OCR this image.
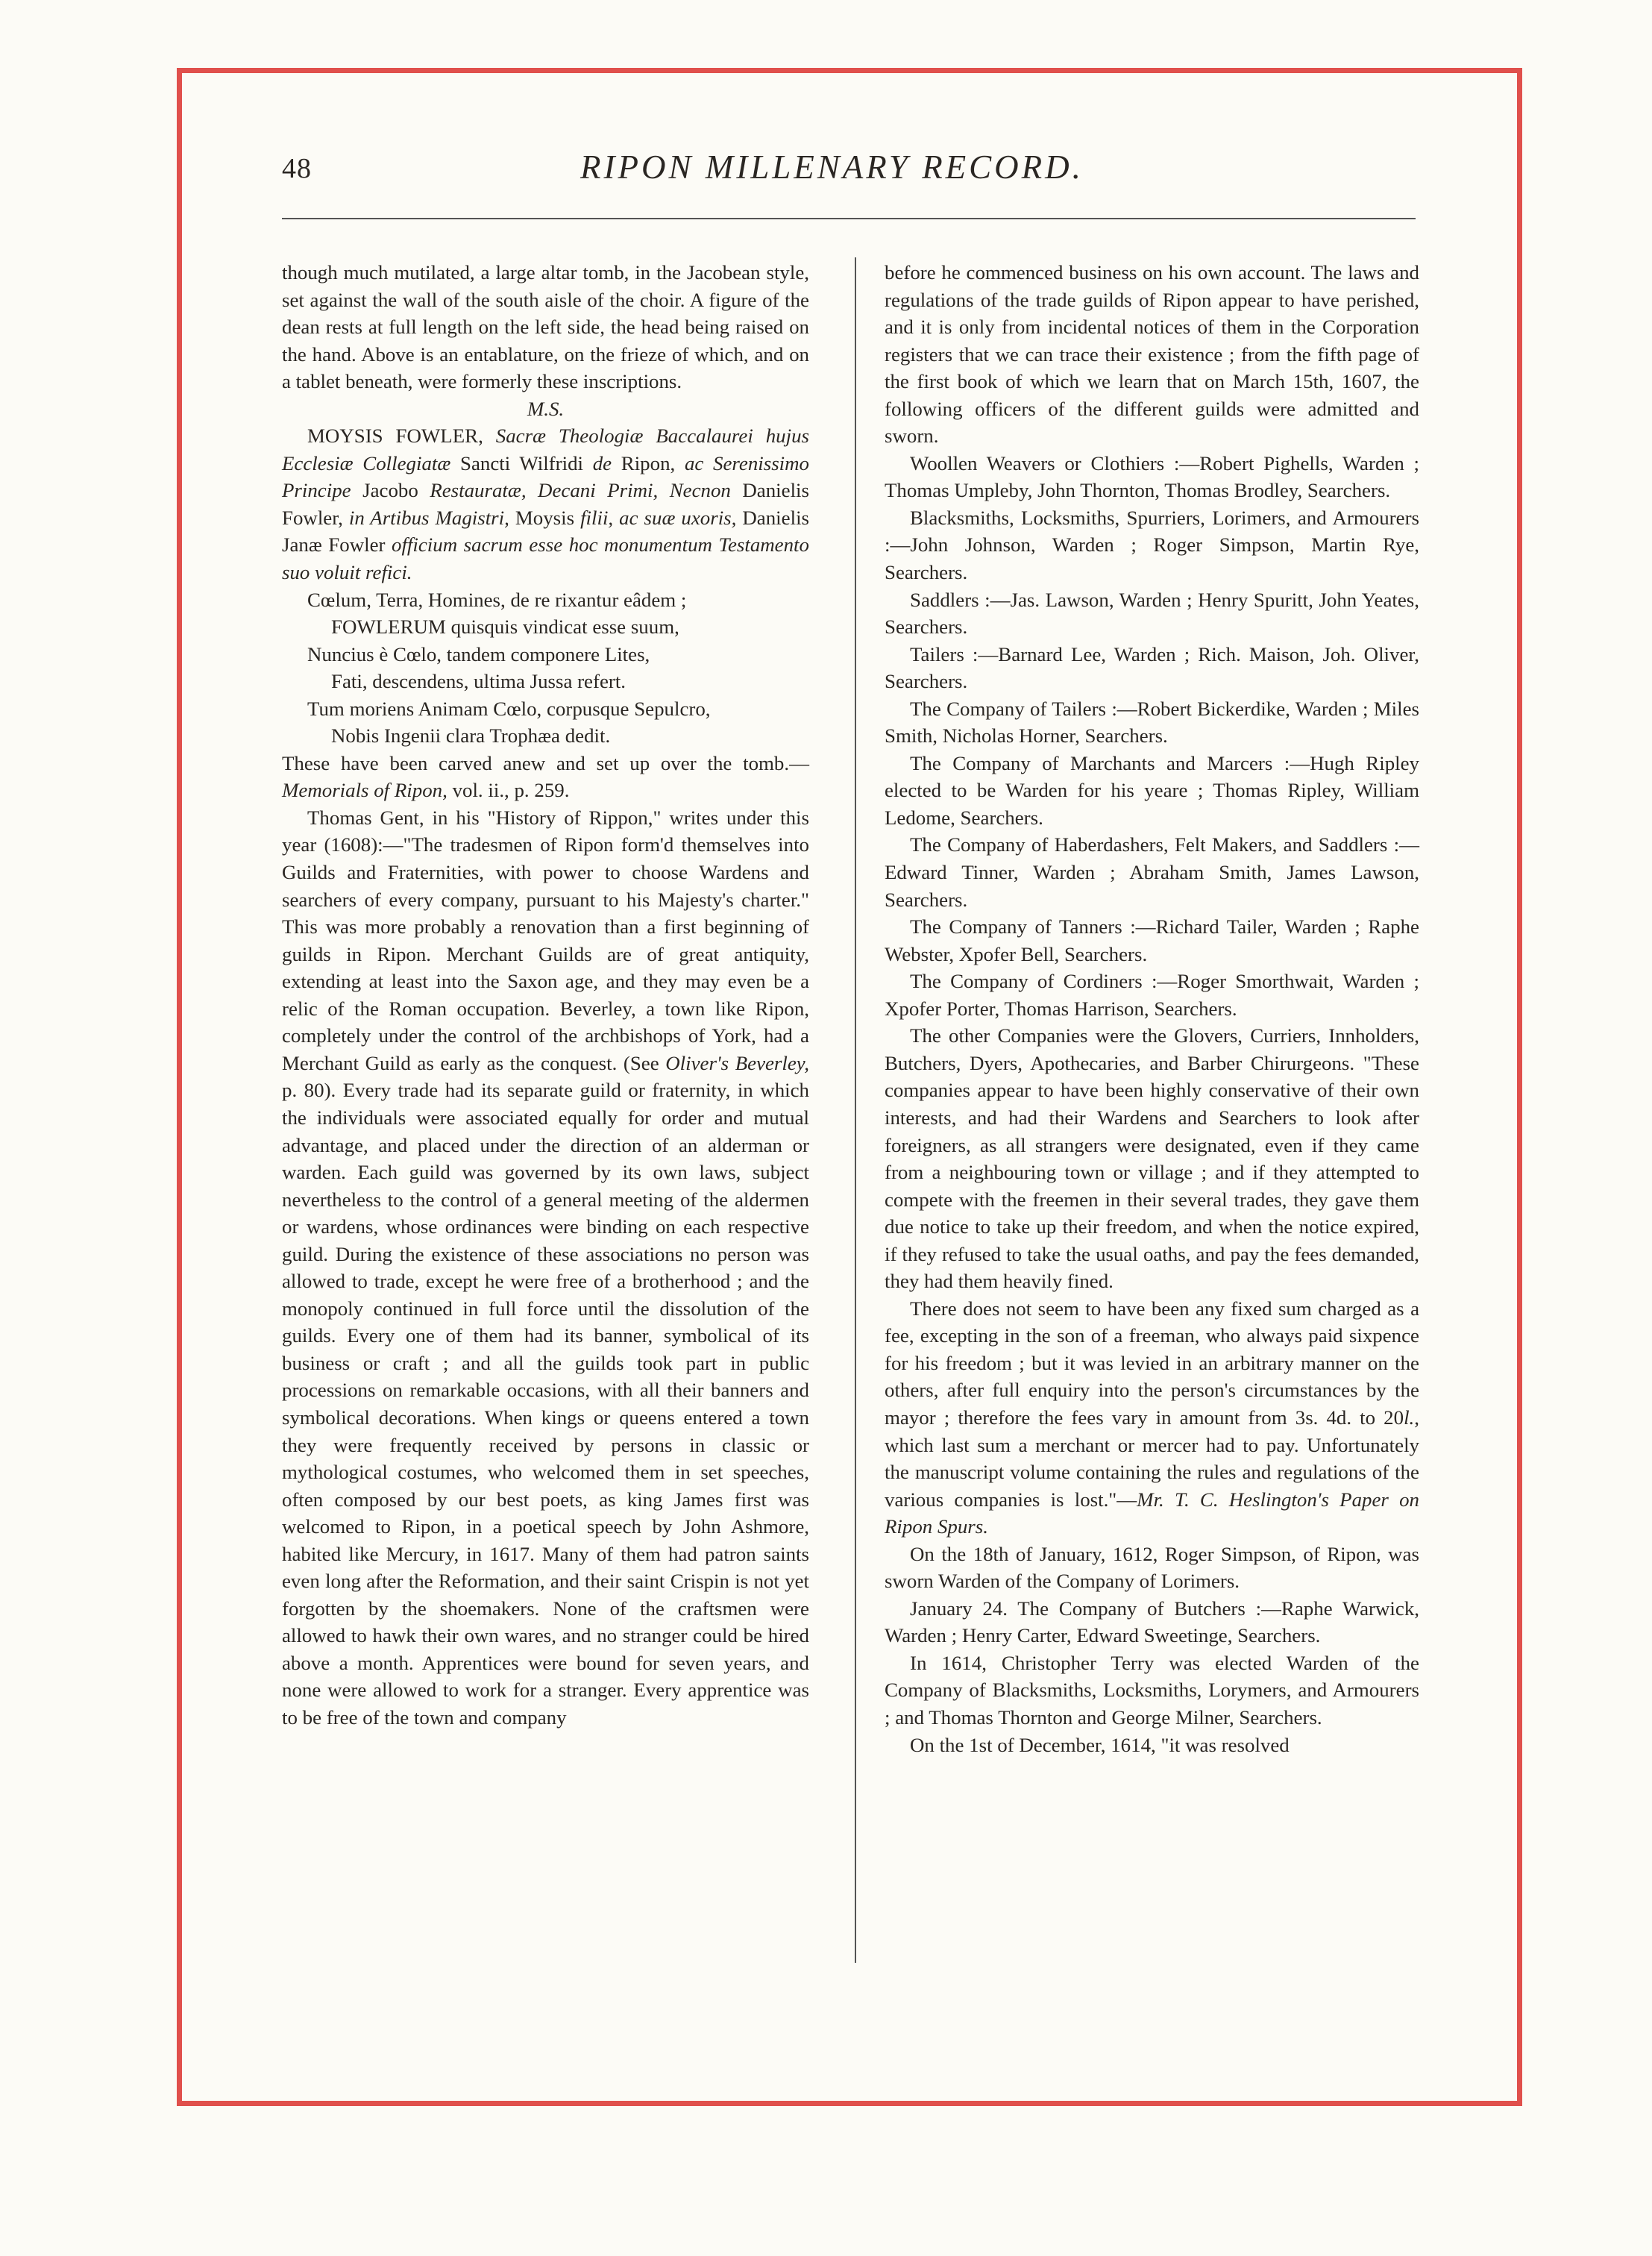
48	RIPON MILLENARY RECORD.

though much mutilated, a large altar tomb, in the Jacobean style, set against the wall of the south aisle of the choir. A figure of the dean rests at full length on the left side, the head being raised on the hand. Above is an entablature, on the frieze of which, and on a tablet beneath, were formerly these inscriptions.

M.S.

MOYSIS FOWLER, Sacræ Theologiæ Baccalaurei hujus Ecclesiæ Collegiatæ Sancti Wilfridi de Ripon, ac Serenissimo Principe Jacobo Restauratæ, Decani Primi, Necnon Danielis Fowler, in Artibus Magistri, Moysis filii, ac suæ uxoris, Danielis Janæ Fowler officium sacrum esse hoc monumentum Testamento suo voluit refici.

Cœlum, Terra, Homines, de re rixantur eâdem ;
FOWLERUM quisquis vindicat esse suum,
Nuncius è Cœlo, tandem componere Lites,
Fati, descendens, ultima Jussa refert.
Tum moriens Animam Cœlo, corpusque Sepulcro,
Nobis Ingenii clara Trophæa dedit.

These have been carved anew and set up over the tomb.—Memorials of Ripon, vol. ii., p. 259.

Thomas Gent, in his "History of Rippon," writes under this year (1608):—"The tradesmen of Ripon form'd themselves into Guilds and Fraternities, with power to choose Wardens and searchers of every company, pursuant to his Majesty's charter." This was more probably a renovation than a first beginning of guilds in Ripon. Merchant Guilds are of great antiquity, extending at least into the Saxon age, and they may even be a relic of the Roman occupation. Beverley, a town like Ripon, completely under the control of the archbishops of York, had a Merchant Guild as early as the conquest. (See Oliver's Beverley, p. 80). Every trade had its separate guild or fraternity, in which the individuals were associated equally for order and mutual advantage, and placed under the direction of an alderman or warden. Each guild was governed by its own laws, subject nevertheless to the control of a general meeting of the aldermen or wardens, whose ordinances were binding on each respective guild. During the existence of these associations no person was allowed to trade, except he were free of a brotherhood ; and the monopoly continued in full force until the dissolution of the guilds. Every one of them had its banner, symbolical of its business or craft ; and all the guilds took part in public processions on remarkable occasions, with all their banners and symbolical decorations. When kings or queens entered a town they were frequently received by persons in classic or mythological costumes, who welcomed them in set speeches, often composed by our best poets, as king James first was welcomed to Ripon, in a poetical speech by John Ashmore, habited like Mercury, in 1617. Many of them had patron saints even long after the Reformation, and their saint Crispin is not yet forgotten by the shoemakers. None of the craftsmen were allowed to hawk their own wares, and no stranger could be hired above a month. Apprentices were bound for seven years, and none were allowed to work for a stranger. Every apprentice was to be free of the town and company

before he commenced business on his own account. The laws and regulations of the trade guilds of Ripon appear to have perished, and it is only from incidental notices of them in the Corporation registers that we can trace their existence ; from the fifth page of the first book of which we learn that on March 15th, 1607, the following officers of the different guilds were admitted and sworn.

Woollen Weavers or Clothiers :—Robert Pighells, Warden ; Thomas Umpleby, John Thornton, Thomas Brodley, Searchers.

Blacksmiths, Locksmiths, Spurriers, Lorimers, and Armourers :—John Johnson, Warden ; Roger Simpson, Martin Rye, Searchers.

Saddlers :—Jas. Lawson, Warden ; Henry Spuritt, John Yeates, Searchers.

Tailers :—Barnard Lee, Warden ; Rich. Maison, Joh. Oliver, Searchers.

The Company of Tailers :—Robert Bickerdike, Warden ; Miles Smith, Nicholas Horner, Searchers.

The Company of Marchants and Marcers :—Hugh Ripley elected to be Warden for his yeare ; Thomas Ripley, William Ledome, Searchers.

The Company of Haberdashers, Felt Makers, and Saddlers :—Edward Tinner, Warden ; Abraham Smith, James Lawson, Searchers.

The Company of Tanners :—Richard Tailer, Warden ; Raphe Webster, Xpofer Bell, Searchers.

The Company of Cordiners :—Roger Smorthwait, Warden ; Xpofer Porter, Thomas Harrison, Searchers.

The other Companies were the Glovers, Curriers, Innholders, Butchers, Dyers, Apothecaries, and Barber Chirurgeons. "These companies appear to have been highly conservative of their own interests, and had their Wardens and Searchers to look after foreigners, as all strangers were designated, even if they came from a neighbouring town or village ; and if they attempted to compete with the freemen in their several trades, they gave them due notice to take up their freedom, and when the notice expired, if they refused to take the usual oaths, and pay the fees demanded, they had them heavily fined.

There does not seem to have been any fixed sum charged as a fee, excepting in the son of a freeman, who always paid sixpence for his freedom ; but it was levied in an arbitrary manner on the others, after full enquiry into the person's circumstances by the mayor ; therefore the fees vary in amount from 3s. 4d. to 20l., which last sum a merchant or mercer had to pay. Unfortunately the manuscript volume containing the rules and regulations of the various companies is lost."—Mr. T. C. Heslington's Paper on Ripon Spurs.

On the 18th of January, 1612, Roger Simpson, of Ripon, was sworn Warden of the Company of Lorimers.

January 24. The Company of Butchers :—Raphe Warwick, Warden ; Henry Carter, Edward Sweetinge, Searchers.

In 1614, Christopher Terry was elected Warden of the Company of Blacksmiths, Locksmiths, Lorymers, and Armourers ; and Thomas Thornton and George Milner, Searchers.

On the 1st of December, 1614, "it was resolved
